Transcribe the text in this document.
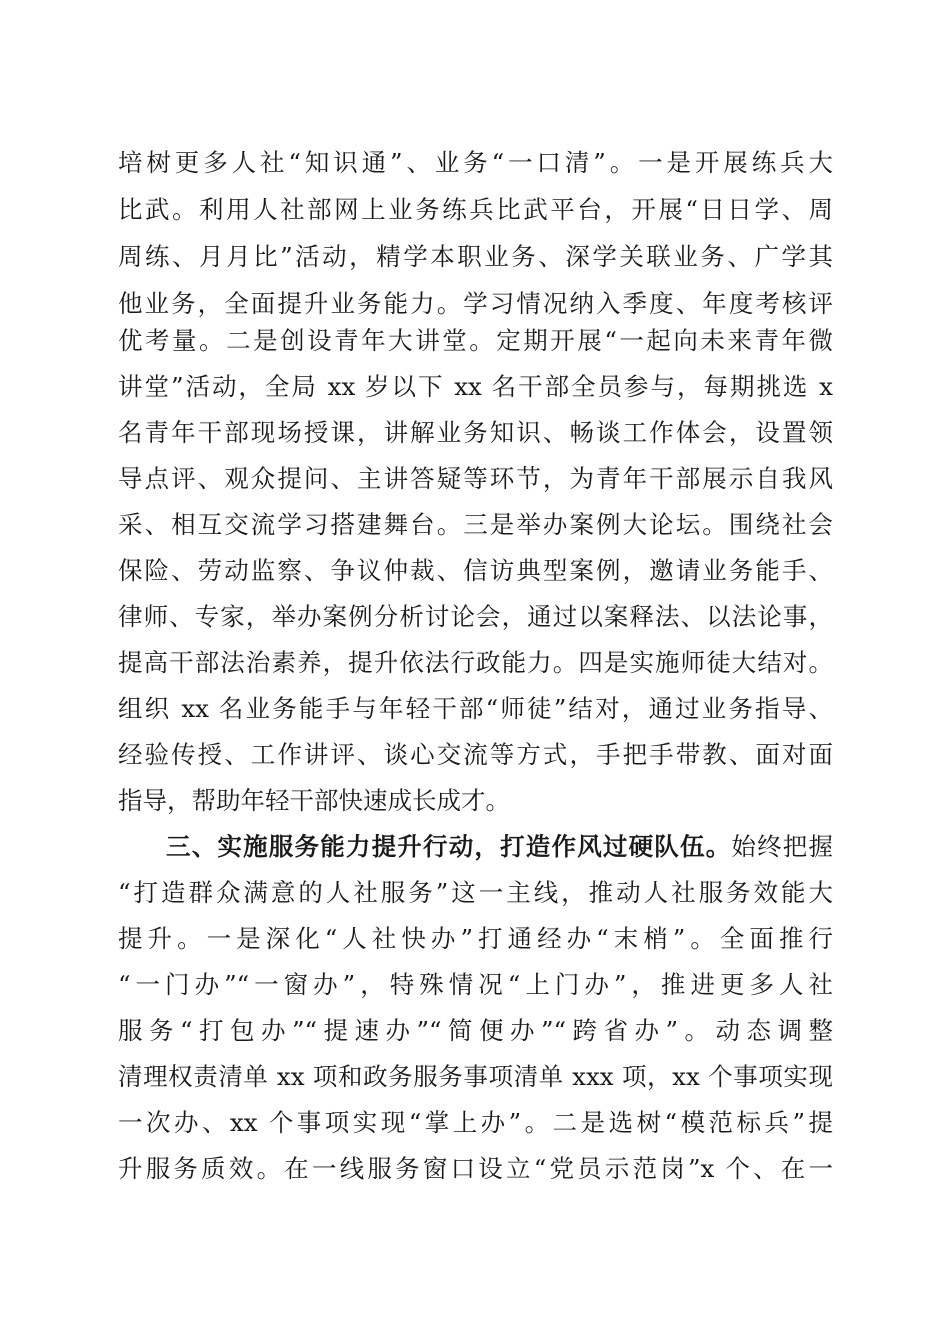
培树更多人社“知识通”、业务“一口清”。一是开展练兵大
比武。利用人社部网上业务练兵比武平台，开展“日日学、周
周练、月月比”活动，精学本职业务、深学关联业务、广学其
他业务，全面提升业务能力。学习情况纳入季度、年度考核评
优考量。二是创设青年大讲堂。定期开展“一起向未来青年微
讲堂”活动，全局 xx 岁以下 xx 名干部全员参与，每期挑选 x
名青年干部现场授课，讲解业务知识、畅谈工作体会，设置领
导点评、观众提问、主讲答疑等环节，为青年干部展示自我风
采、相互交流学习搭建舞台。三是举办案例大论坛。围绕社会
保险、劳动监察、争议仲裁、信访典型案例，邀请业务能手、
律师、专家，举办案例分析讨论会，通过以案释法、以法论事，
提高干部法治素养，提升依法行政能力。四是实施师徒大结对。
组织 xx 名业务能手与年轻干部“师徒”结对，通过业务指导、
经验传授、工作讲评、谈心交流等方式，手把手带教、面对面
指导，帮助年轻干部快速成长成才。
三、实施服务能力提升行动，打造作风过硬队伍。始终把握
“打造群众满意的人社服务”这一主线，推动人社服务效能大
提升。一是深化“人社快办”打通经办“末梢”。全面推行
“一门办”“一窗办”，特殊情况“上门办”，推进更多人社
服务“打包办”“提速办”“简便办”“跨省办”。动态调整
清理权责清单 xx 项和政务服务事项清单 xxx 项，xx 个事项实现
一次办、xx 个事项实现“掌上办”。二是选树“模范标兵”提
升服务质效。在一线服务窗口设立“党员示范岗”x 个、在一
